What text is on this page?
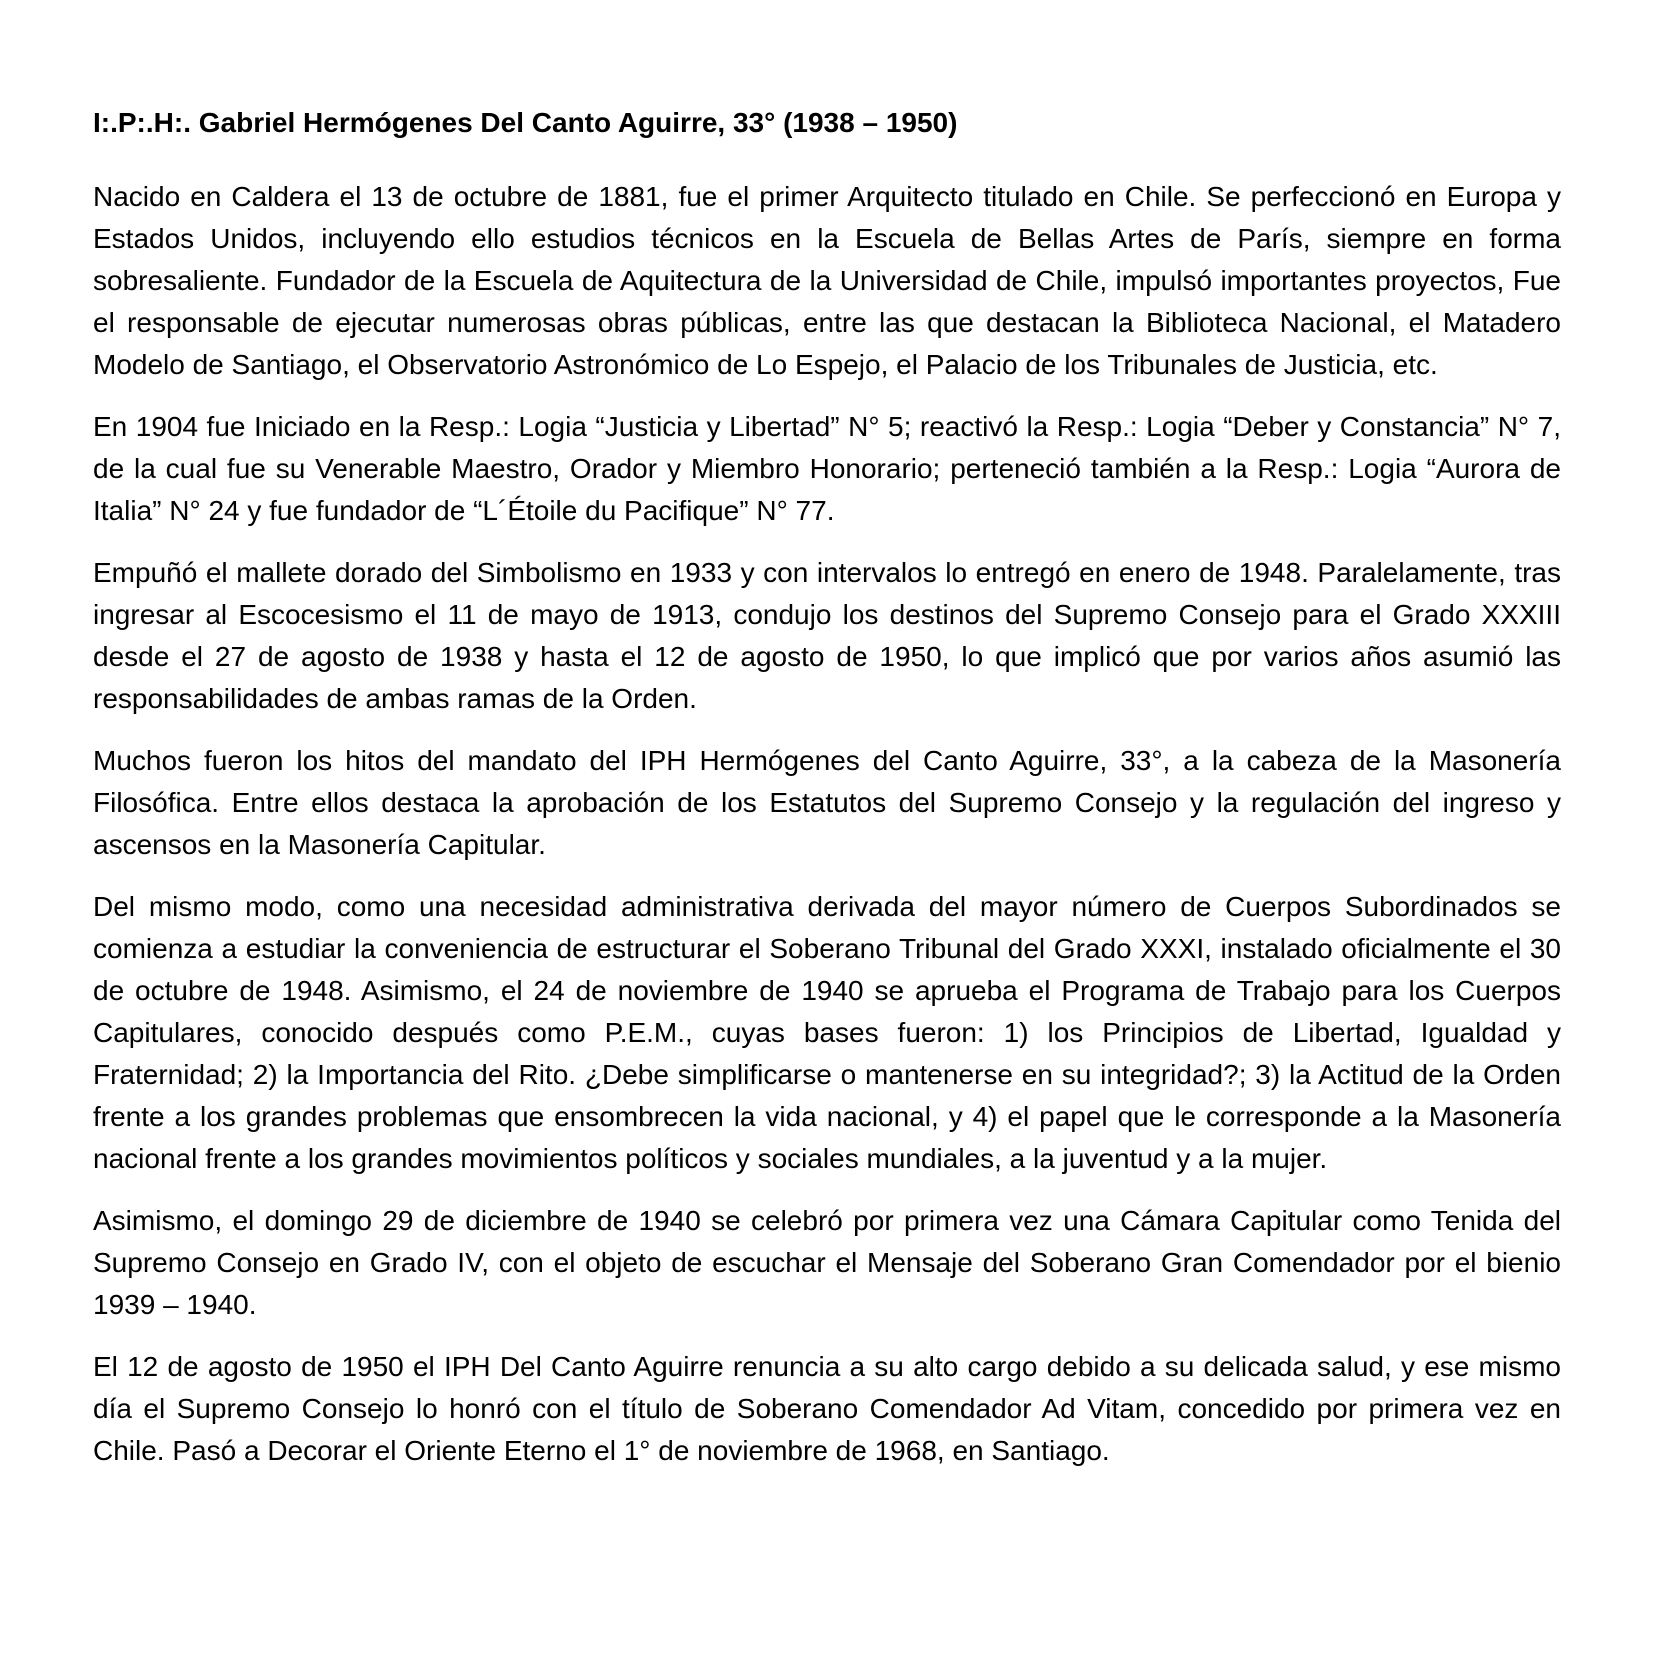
I:.P:.H:. Gabriel Hermógenes Del Canto Aguirre, 33° (1938 – 1950)

Nacido en Caldera el 13 de octubre de 1881, fue el primer Arquitecto titulado en Chile. Se perfeccionó en Europa y Estados Unidos, incluyendo ello estudios técnicos en la Escuela de Bellas Artes de París, siempre en forma sobresaliente. Fundador de la Escuela de Aquitectura de la Universidad de Chile, impulsó importantes proyectos, Fue el responsable de ejecutar numerosas obras públicas, entre las que destacan la Biblioteca Nacional, el Matadero Modelo de Santiago, el Observatorio Astronómico de Lo Espejo, el Palacio de los Tribunales de Justicia, etc.

En 1904 fue Iniciado en la Resp.: Logia “Justicia y Libertad” N° 5; reactivó la Resp.: Logia “Deber y Constancia” N° 7, de la cual fue su Venerable Maestro, Orador y Miembro Honorario; perteneció también a la Resp.: Logia “Aurora de Italia” N° 24 y fue fundador de “L´Étoile du Pacifique” N° 77.

Empuñó el mallete dorado del Simbolismo en 1933 y con intervalos lo entregó en enero de 1948. Paralelamente, tras ingresar al Escocesismo el 11 de mayo de 1913, condujo los destinos del Supremo Consejo para el Grado XXXIII desde el 27 de agosto de 1938 y hasta el 12 de agosto de 1950, lo que implicó que por varios años asumió las responsabilidades de ambas ramas de la Orden.

Muchos fueron los hitos del mandato del IPH Hermógenes del Canto Aguirre, 33°, a la cabeza de la Masonería Filosófica. Entre ellos destaca la aprobación de los Estatutos del Supremo Consejo y la regulación del ingreso y ascensos en la Masonería Capitular.

Del mismo modo, como una necesidad administrativa derivada del mayor número de Cuerpos Subordinados se comienza a estudiar la conveniencia de estructurar el Soberano Tribunal del Grado XXXI, instalado oficialmente el 30 de octubre de 1948. Asimismo, el 24 de noviembre de 1940 se aprueba el Programa de Trabajo para los Cuerpos Capitulares, conocido después como P.E.M., cuyas bases fueron: 1) los Principios de Libertad, Igualdad y Fraternidad; 2) la Importancia del Rito. ¿Debe simplificarse o mantenerse en su integridad?; 3) la Actitud de la Orden frente a los grandes problemas que ensombrecen la vida nacional, y 4) el papel que le corresponde a la Masonería nacional frente a los grandes movimientos políticos y sociales mundiales, a la juventud y a la mujer.

Asimismo, el domingo 29 de diciembre de 1940 se celebró por primera vez una Cámara Capitular como Tenida del Supremo Consejo en Grado IV, con el objeto de escuchar el Mensaje del Soberano Gran Comendador por el bienio 1939 – 1940.

El 12 de agosto de 1950 el IPH Del Canto Aguirre renuncia a su alto cargo debido a su delicada salud, y ese mismo día el Supremo Consejo lo honró con el título de Soberano Comendador Ad Vitam, concedido por primera vez en Chile. Pasó a Decorar el Oriente Eterno el 1° de noviembre de 1968, en Santiago.
